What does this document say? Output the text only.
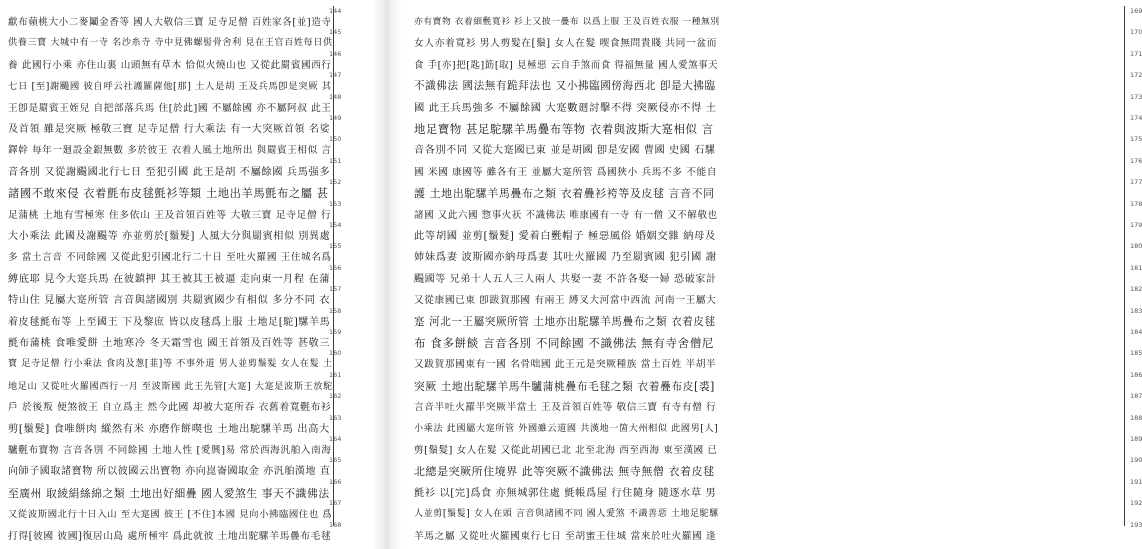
獻布蘋桃大小二麥鬮金香等 國人大敬信三寶 足寺足僧 百姓家各[並]造寺
144
供養三寶 大城中有一寺 名沙糸寺 寺中見佛螺髻骨舍利 見在王官百姓每日供
145
養 此國行小乘 亦住山裏 山頭無有草木 恰似火燒山也 又從此罽賓國西行
146
七日 [至]謝颺國 彼自呼云社護羅薩他[那] 土人是胡 王及兵馬卽是突厥 其
147
王卽是罽賓王姪兒 自把部落兵馬 住[於此]國 不屬餘國 亦不屬阿叔 此王
148
及首領 雖是突厥 極敬三寶 足寺足僧 行大乘法 有一大突厥首領 名娑
149
鐸幹 每年一廻設金銀無數 多於彼王 衣着人風土地所出 與罽賓王相似 言
150
音各別 又從謝颺國北行七日 至犯引國 此王是胡 不屬餘國 兵馬强多
151
諸國不敢來侵 衣着氈布皮毬氈衫等類 土地出羊馬氈布之屬 甚
152
足蒲桃 土地有雪極寒 住多依山 王及首領百姓等 大敬三寶 足寺足僧 行
153
大小乘法 此國及謝颺等 亦並剪於[鬚髮] 人風大分與罽賓相似 別異處
154
多 當土言音 不同餘國 又從此犯引國北行二十日 至吐火羅國 王住城名爲
155
縛底耶 見今大寔兵馬 在彼鎮押 其王被其王被逼 走向東一月程 在蒲
156
特山住 見屬大寔所管 言音與諸國別 共罽賓國少有相似 多分不同 衣
157
着皮毬氈布等 上至國王 下及黎庶 皆以皮毬爲上服 土地足[駝]騾羊馬
158
氈布蒲桃 食唯愛餅 土地寒冷 冬天霜雪也 國王首領及百姓等 甚敬三
159
寶 足寺足僧 行小乘法 食肉及葱[韮]等 不事外道 男人並剪鬚髮 女人在髮 土
160
地足山 又從吐火羅國西行一月 至波斯國 此王先管[大寔] 大寔是波斯王放駝
161
戶 於後叛 便煞彼王 自立爲主 然今此國 却被大寔所吞 衣舊着寬氎布衫
162
剪[鬚髮] 食唯餅肉 縱然有米 亦磨作餅喫也 土地出駝騾羊馬 出高大
163
驢氎布寶物 言音各別 不同餘國 土地人性 [愛興]易 常於西海汎舶入南海
164
向師子國取諸寶物 所以彼國云出寶物 亦向崑崙國取金 亦汎舶漢地 直
165
至廣州 取綾絹絲綿之類 土地出好細疊 國人愛煞生 事天不識佛法
166
又從波斯國北行十日入山 至大寔國 彼王 [不住]本國 見向小拂臨國住也 爲
167
打得[彼國 彼國]復居山島 處所極牢 爲此就彼 土地出駝騾羊馬疊布毛毬
168
亦有寶物 衣着細氎寬衫 衫上又披一疊布 以爲上服 王及百姓衣服 一種無別
169
女人亦着寬衫 男人剪髮在[鬚] 女人在髮 喫食無問貴賤 共同一盆而
170
食 手[亦]把[匙]筯[取] 見極惡 云自手煞而食 得福無量 國人愛煞事天
171
不識佛法 國法無有跪拜法也 又小拂臨國傍海西北 卽是大拂臨
172
國 此王兵馬強多 不屬餘國 大寔數廻討擊不得 突厥侵亦不得 土
173
地足寶物 甚足駝騾羊馬疊布等物 衣着與波斯大寔相似 言
174
音各別不同 又從大寔國已東 並是胡國 卽是安國 曹國 史國 石騾
175
國 米國 康國等 雖各有王 並屬大寔所管 爲國狹小 兵馬不多 不能自
176
護 土地出駝騾羊馬疊布之類 衣着疊衫袴等及皮毬 言音不同
177
諸國 又此六國 惣事火祆 不識佛法 唯康國有一寺 有一僧 又不解敬也
178
此等胡國 並剪[鬚髮] 愛着白氎帽子 極惡風俗 婚姻交雜 納母及
179
姉妹爲妻 波斯國亦納母爲妻 其吐火羅國 乃至罽賓國 犯引國 謝
180
颺國等 兄弟十人五人三人兩人 共娶一妻 不許各娶一婦 恐破家計
181
又從康國已東 卽跋賀那國 有兩王 縛叉大河當中西流 河南一王屬大
182
寔 河北一王屬突厥所管 土地亦出駝騾羊馬疊布之類 衣着皮毬
183
布 食多餅餤 言音各別 不同餘國 不識佛法 無有寺舍僧尼
184
又跋賀那國東有一國 名骨咄國 此王元是突厥種族 當土百姓 半胡半
185
突厥 土地出駝騾羊馬牛驢蒲桃疊布毛毬之類 衣着疊布皮[裘]
186
言音半吐火羅半突厥半當土 王及首領百姓等 敬信三寶 有寺有僧 行
187
小乘法 此國屬大寔所管 外國雖云道國 共漢地一箇大州相似 此國男[人]
188
剪[鬚髮] 女人在髮 又從此胡國已北 北至北海 西至西海 東至漢國 已
189
北總是突厥所住境界 此等突厥不識佛法 無寺無僧 衣着皮毬
190
氈衫 以[完]爲食 亦無城郭住處 氈帳爲屋 行住隨身 隨逐水草 男
191
人並剪[鬚髮] 女人在頭 言音與諸國不同 國人愛煞 不識善惡 土地足駝騾
192
羊馬之屬 又從吐火羅國東行七日 至胡蜜王住城 當來於吐火羅國 逢
193
